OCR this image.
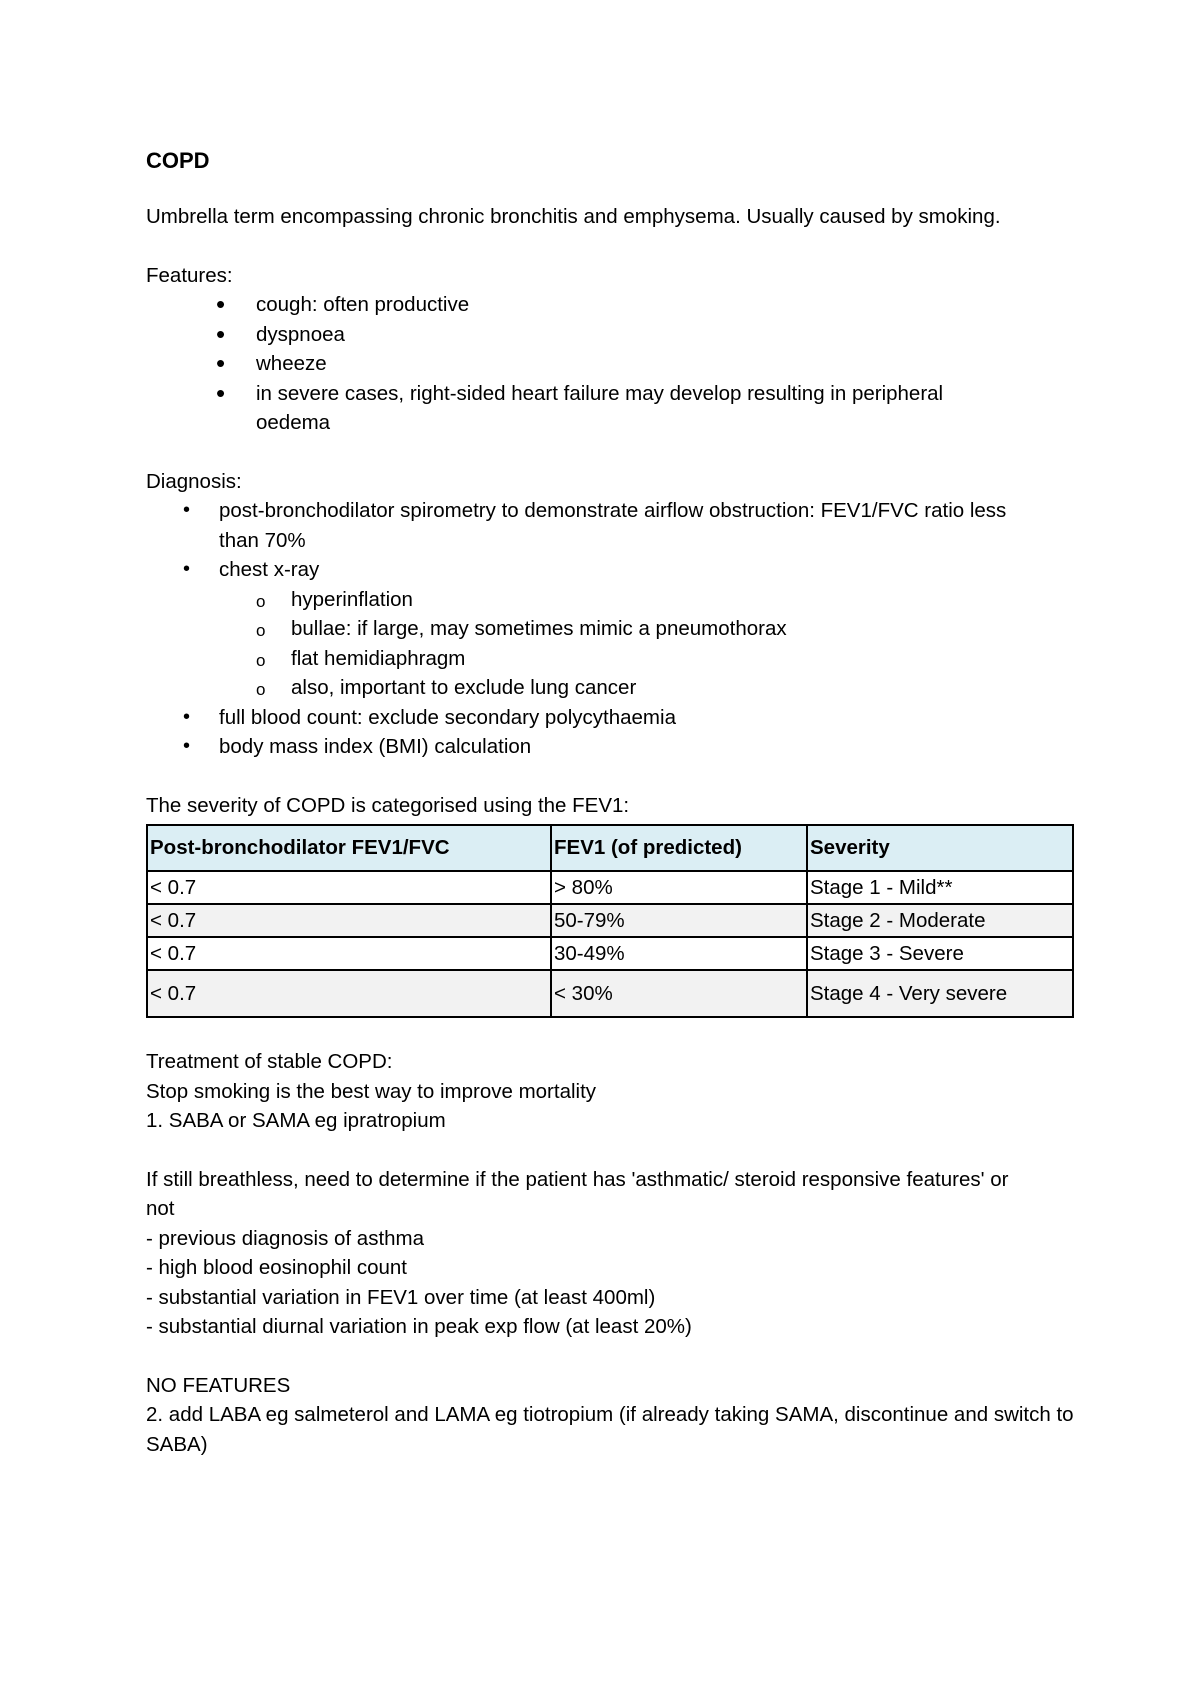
COPD

Umbrella term encompassing chronic bronchitis and emphysema. Usually caused by smoking.

Features:

• cough: often productive
• dyspnoea
• wheeze
• in severe cases, right-sided heart failure may develop resulting in peripheral oedema

Diagnosis:

• post-bronchodilator spirometry to demonstrate airflow obstruction: FEV1/FVC ratio less than 70%
• chest x-ray
o hyperinflation
o bullae: if large, may sometimes mimic a pneumothorax
o flat hemidiaphragm
o also, important to exclude lung cancer
• full blood count: exclude secondary polycythaemia
• body mass index (BMI) calculation

The severity of COPD is categorised using the FEV1:

Post-bronchodilator FEV1/FVC	FEV1 (of predicted)	Severity
< 0.7	> 80%	Stage 1 - Mild**
< 0.7	50-79%	Stage 2 - Moderate
< 0.7	30-49%	Stage 3 - Severe
< 0.7	< 30%	Stage 4 - Very severe

Treatment of stable COPD:

Stop smoking is the best way to improve mortality

1. SABA or SAMA eg ipratropium

If still breathless, need to determine if the patient has 'asthmatic/ steroid responsive features' or not

- previous diagnosis of asthma

- high blood eosinophil count

- substantial variation in FEV1 over time (at least 400ml)

- substantial diurnal variation in peak exp flow (at least 20%)

NO FEATURES

2. add LABA eg salmeterol and LAMA eg tiotropium (if already taking SAMA, discontinue and switch to SABA)
